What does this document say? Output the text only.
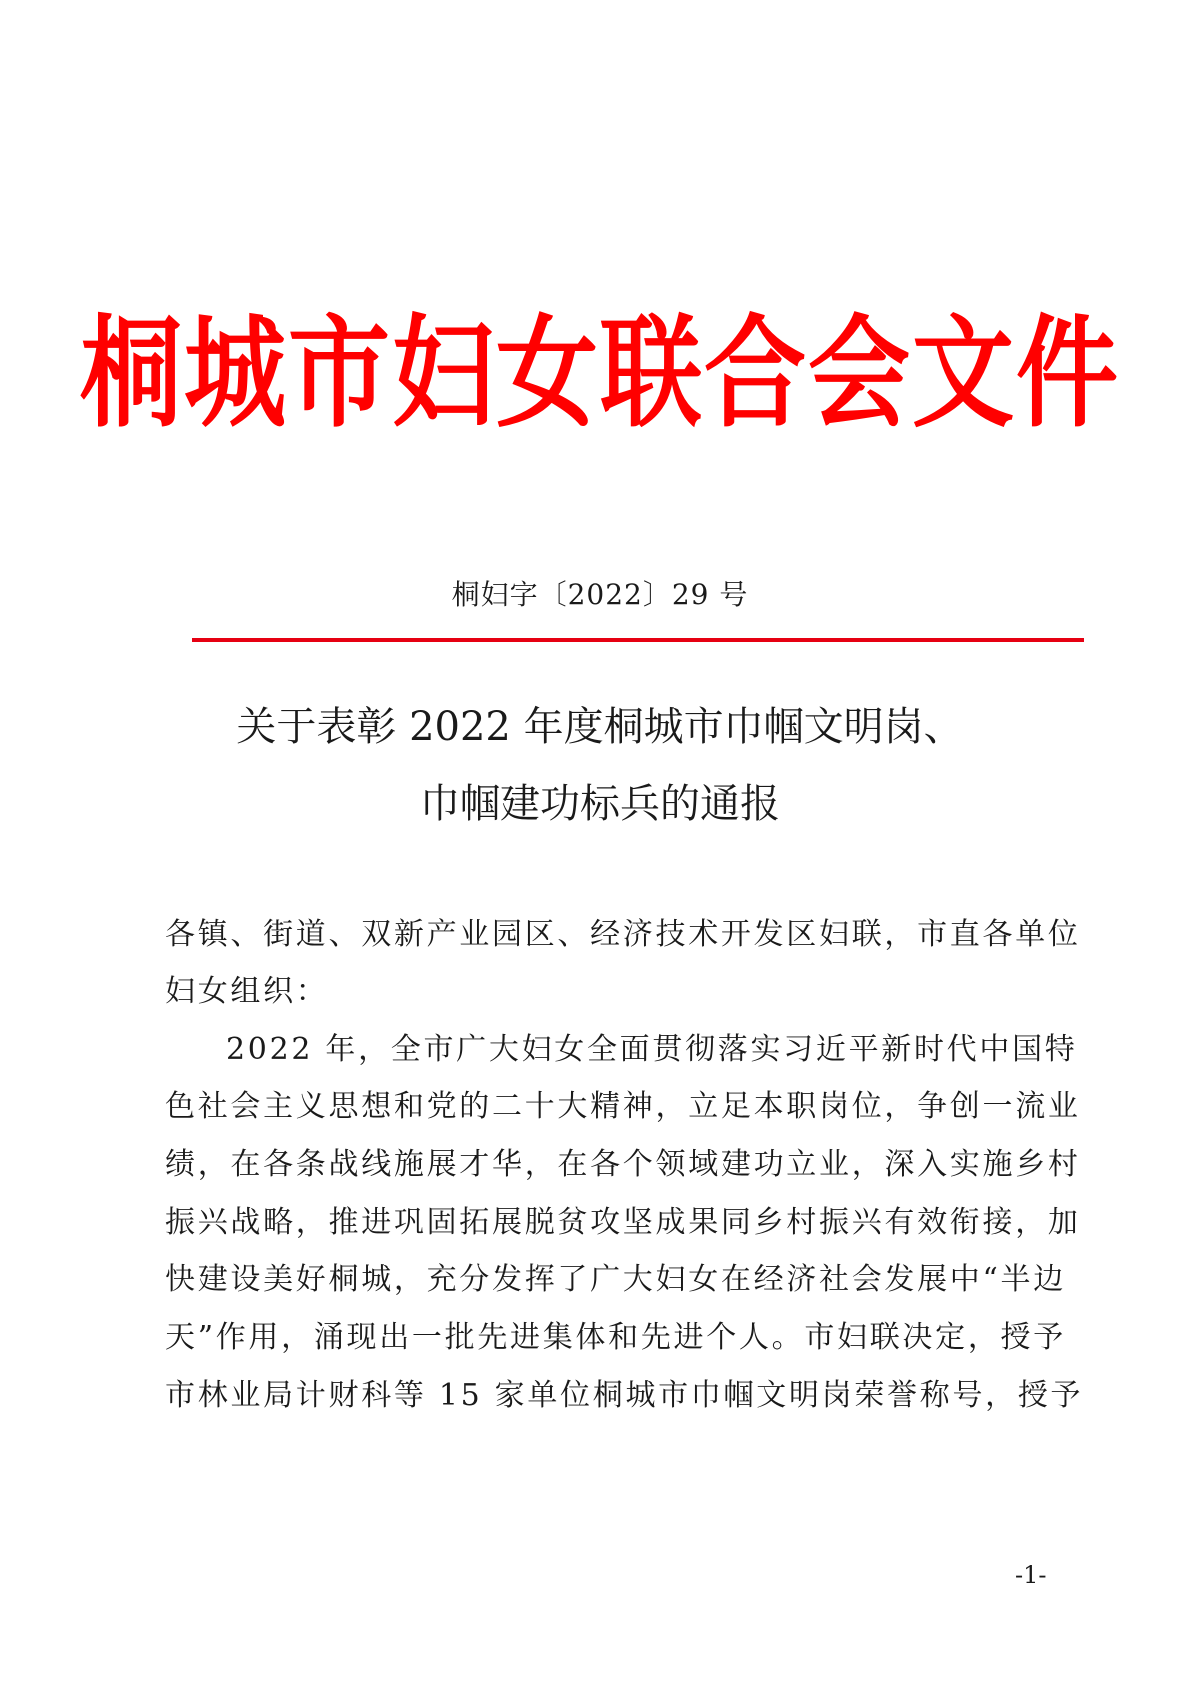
桐城市妇女联合会文件
桐妇字〔2022〕29 号
关于表彰 2022 年度桐城市巾帼文明岗、
巾帼建功标兵的通报
各镇、街道、双新产业园区、经济技术开发区妇联，市直各单位
妇女组织：
2022 年，全市广大妇女全面贯彻落实习近平新时代中国特
色社会主义思想和党的二十大精神，立足本职岗位，争创一流业
绩，在各条战线施展才华，在各个领域建功立业，深入实施乡村
振兴战略，推进巩固拓展脱贫攻坚成果同乡村振兴有效衔接，加
快建设美好桐城，充分发挥了广大妇女在经济社会发展中“半边
天”作用，涌现出一批先进集体和先进个人。市妇联决定，授予
市林业局计财科等 15 家单位桐城市巾帼文明岗荣誉称号，授予
-1-
